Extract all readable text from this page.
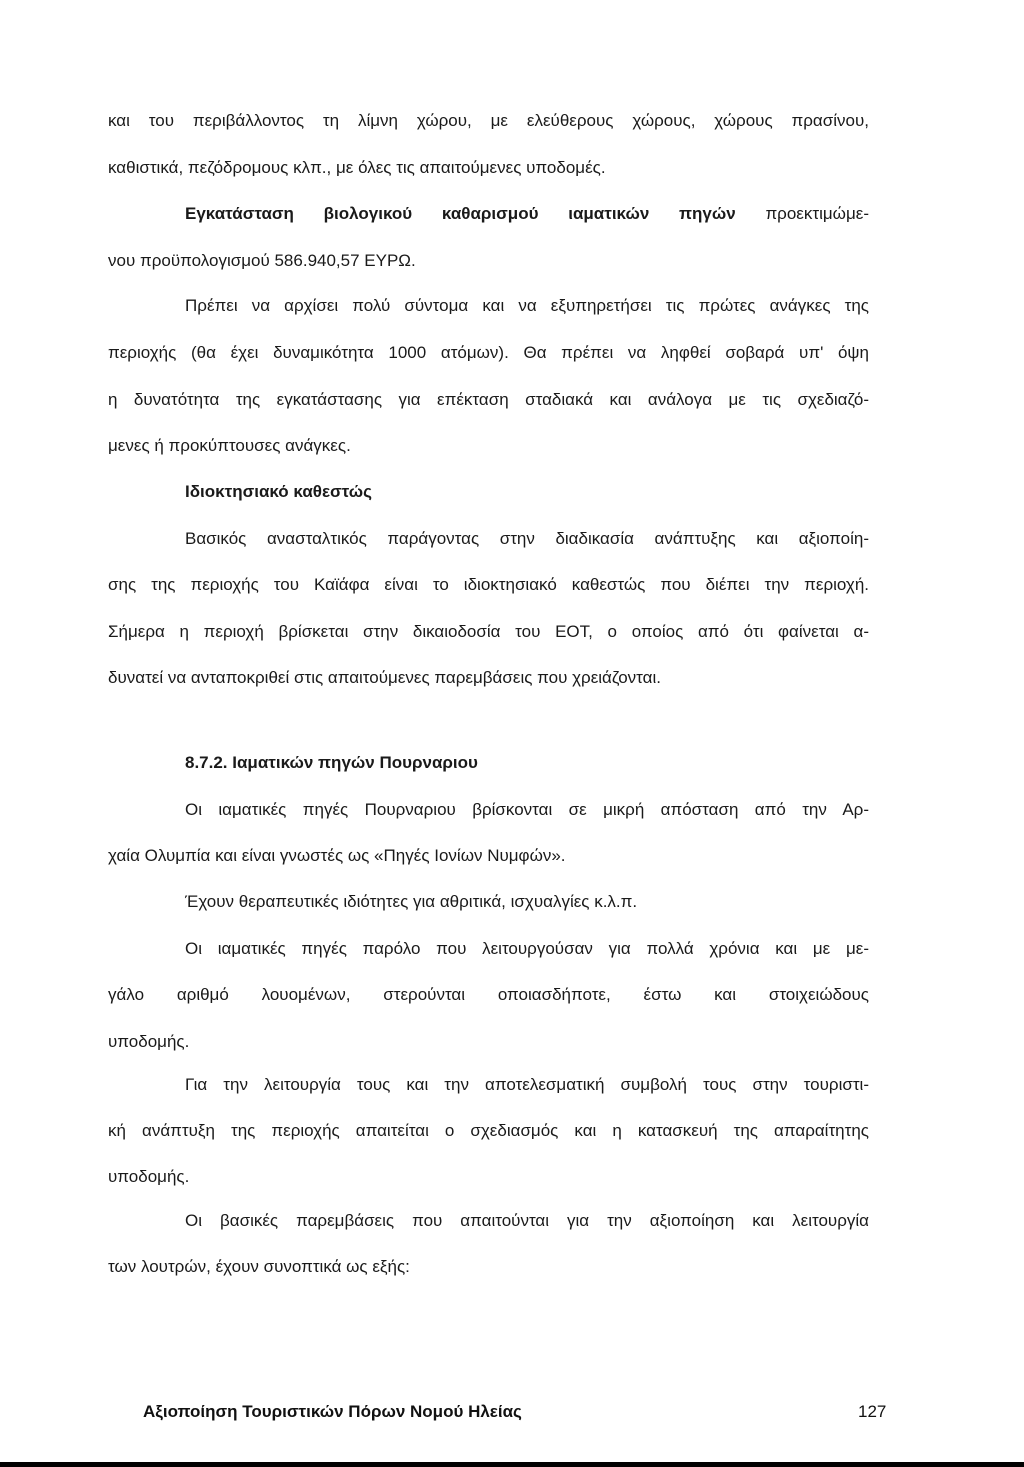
και του περιβάλλοντος τη λίμνη χώρου, με ελεύθερους χώρους, χώρους πρασίνου,
καθιστικά, πεζόδρομους κλπ., με όλες τις απαιτούμενες υποδομές.
Εγκατάσταση βιολογικού καθαρισμού ιαματικών πηγών προεκτιμώμε-
νου προϋπολογισμού 586.940,57 ΕΥΡΩ.
Πρέπει να αρχίσει πολύ σύντομα και να εξυπηρετήσει τις πρώτες ανάγκες της
περιοχής (θα έχει δυναμικότητα 1000 ατόμων). Θα πρέπει να ληφθεί σοβαρά υπ' όψη
η δυνατότητα της εγκατάστασης για επέκταση σταδιακά και ανάλογα με τις σχεδιαζό-
μενες ή προκύπτουσες ανάγκες.
Ιδιοκτησιακό καθεστώς
Βασικός ανασταλτικός παράγοντας στην διαδικασία ανάπτυξης και αξιοποίη-
σης της περιοχής του Καϊάφα είναι το ιδιοκτησιακό καθεστώς που διέπει την περιοχή.
Σήμερα η περιοχή βρίσκεται στην δικαιοδοσία του ΕΟΤ, ο οποίος από ότι φαίνεται α-
δυνατεί να ανταποκριθεί στις απαιτούμενες παρεμβάσεις που χρειάζονται.
8.7.2. Ιαματικών πηγών Πουρναριου
Οι ιαματικές πηγές Πουρναριου βρίσκονται σε μικρή απόσταση από την Αρ-
χαία Ολυμπία και είναι γνωστές ως «Πηγές Ιονίων Νυμφών».
Έχουν θεραπευτικές ιδιότητες για αθριτικά, ισχυαλγίες κ.λ.π.
Οι ιαματικές πηγές παρόλο που λειτουργούσαν για πολλά χρόνια και με με-
γάλο αριθμό λουομένων, στερούνται οποιασδήποτε, έστω και στοιχειώδους
υποδομής.
Για την λειτουργία τους και την αποτελεσματική συμβολή τους στην τουριστι-
κή ανάπτυξη της περιοχής απαιτείται ο σχεδιασμός και η κατασκευή της απαραίτητης
υποδομής.
Οι βασικές παρεμβάσεις που απαιτούνται για την αξιοποίηση και λειτουργία
των λουτρών, έχουν συνοπτικά ως εξής:
Αξιοποίηση Τουριστικών Πόρων Νομού Ηλείας	127
